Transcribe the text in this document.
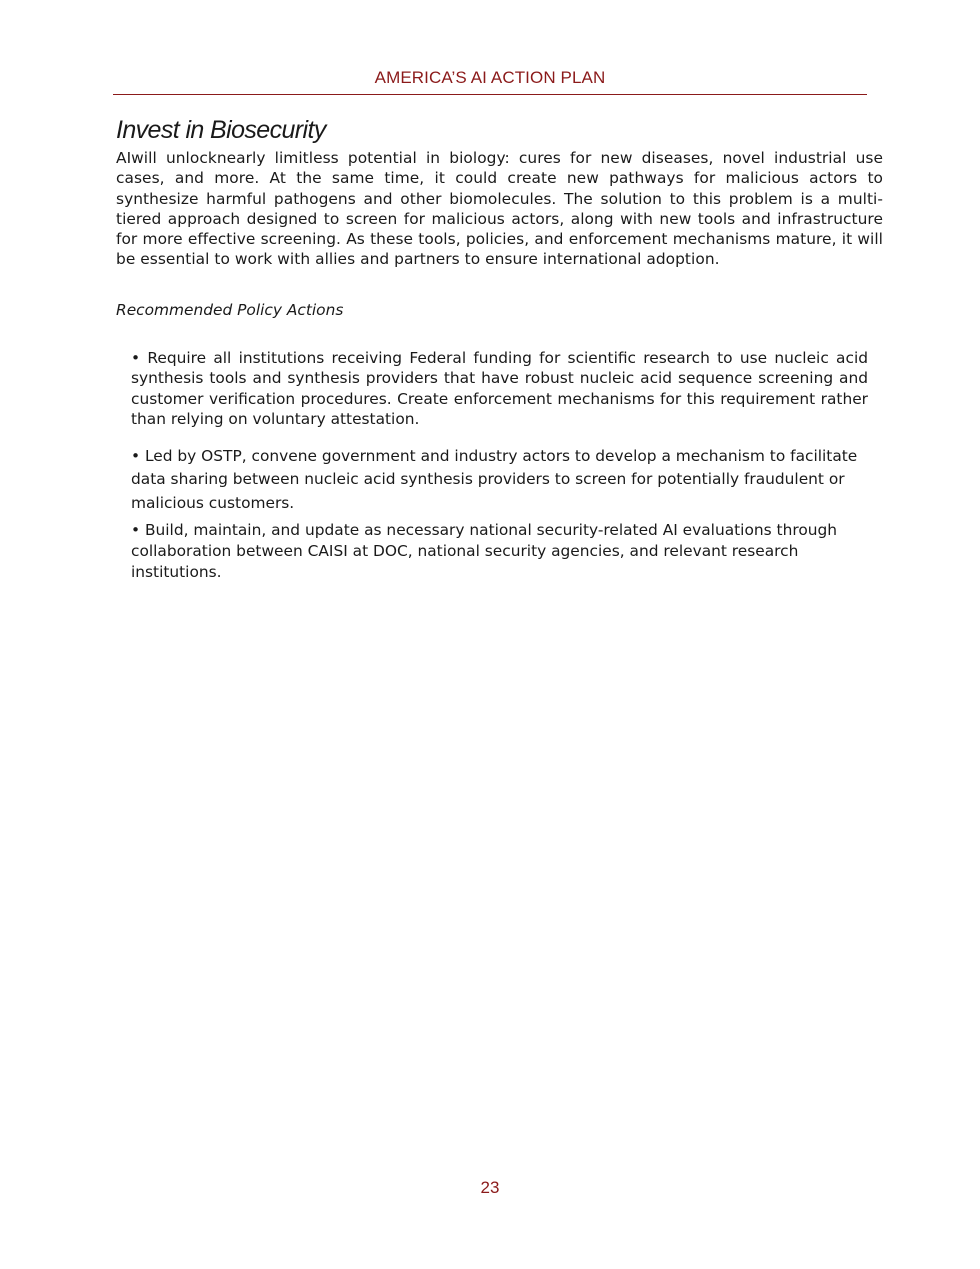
AMERICA’S AI ACTION PLAN
Invest in Biosecurity
AIwill unlocknearly limitless potential in biology: cures for new diseases, novel industrial use cases, and more. At the same time, it could create new pathways for malicious actors to synthesize harmful pathogens and other biomolecules. The solution to this problem is a multi- tiered approach designed to screen for malicious actors, along with new tools and infrastructure for more effective screening. As these tools, policies, and enforcement mechanisms mature, it will be essential to work with allies and partners to ensure international adoption.
Recommended Policy Actions
• Require all institutions receiving Federal funding for scientific research to use nucleic acid synthesis tools and synthesis providers that have robust nucleic acid sequence screening and customer verification procedures. Create enforcement mechanisms for this requirement rather than relying on voluntary attestation.
• Led by OSTP, convene government and industry actors to develop a mechanism to facilitate data sharing between nucleic acid synthesis providers to screen for potentially fraudulent or malicious customers.
• Build, maintain, and update as necessary national security-related AI evaluations through collaboration between CAISI at DOC, national security agencies, and relevant research institutions.
23
